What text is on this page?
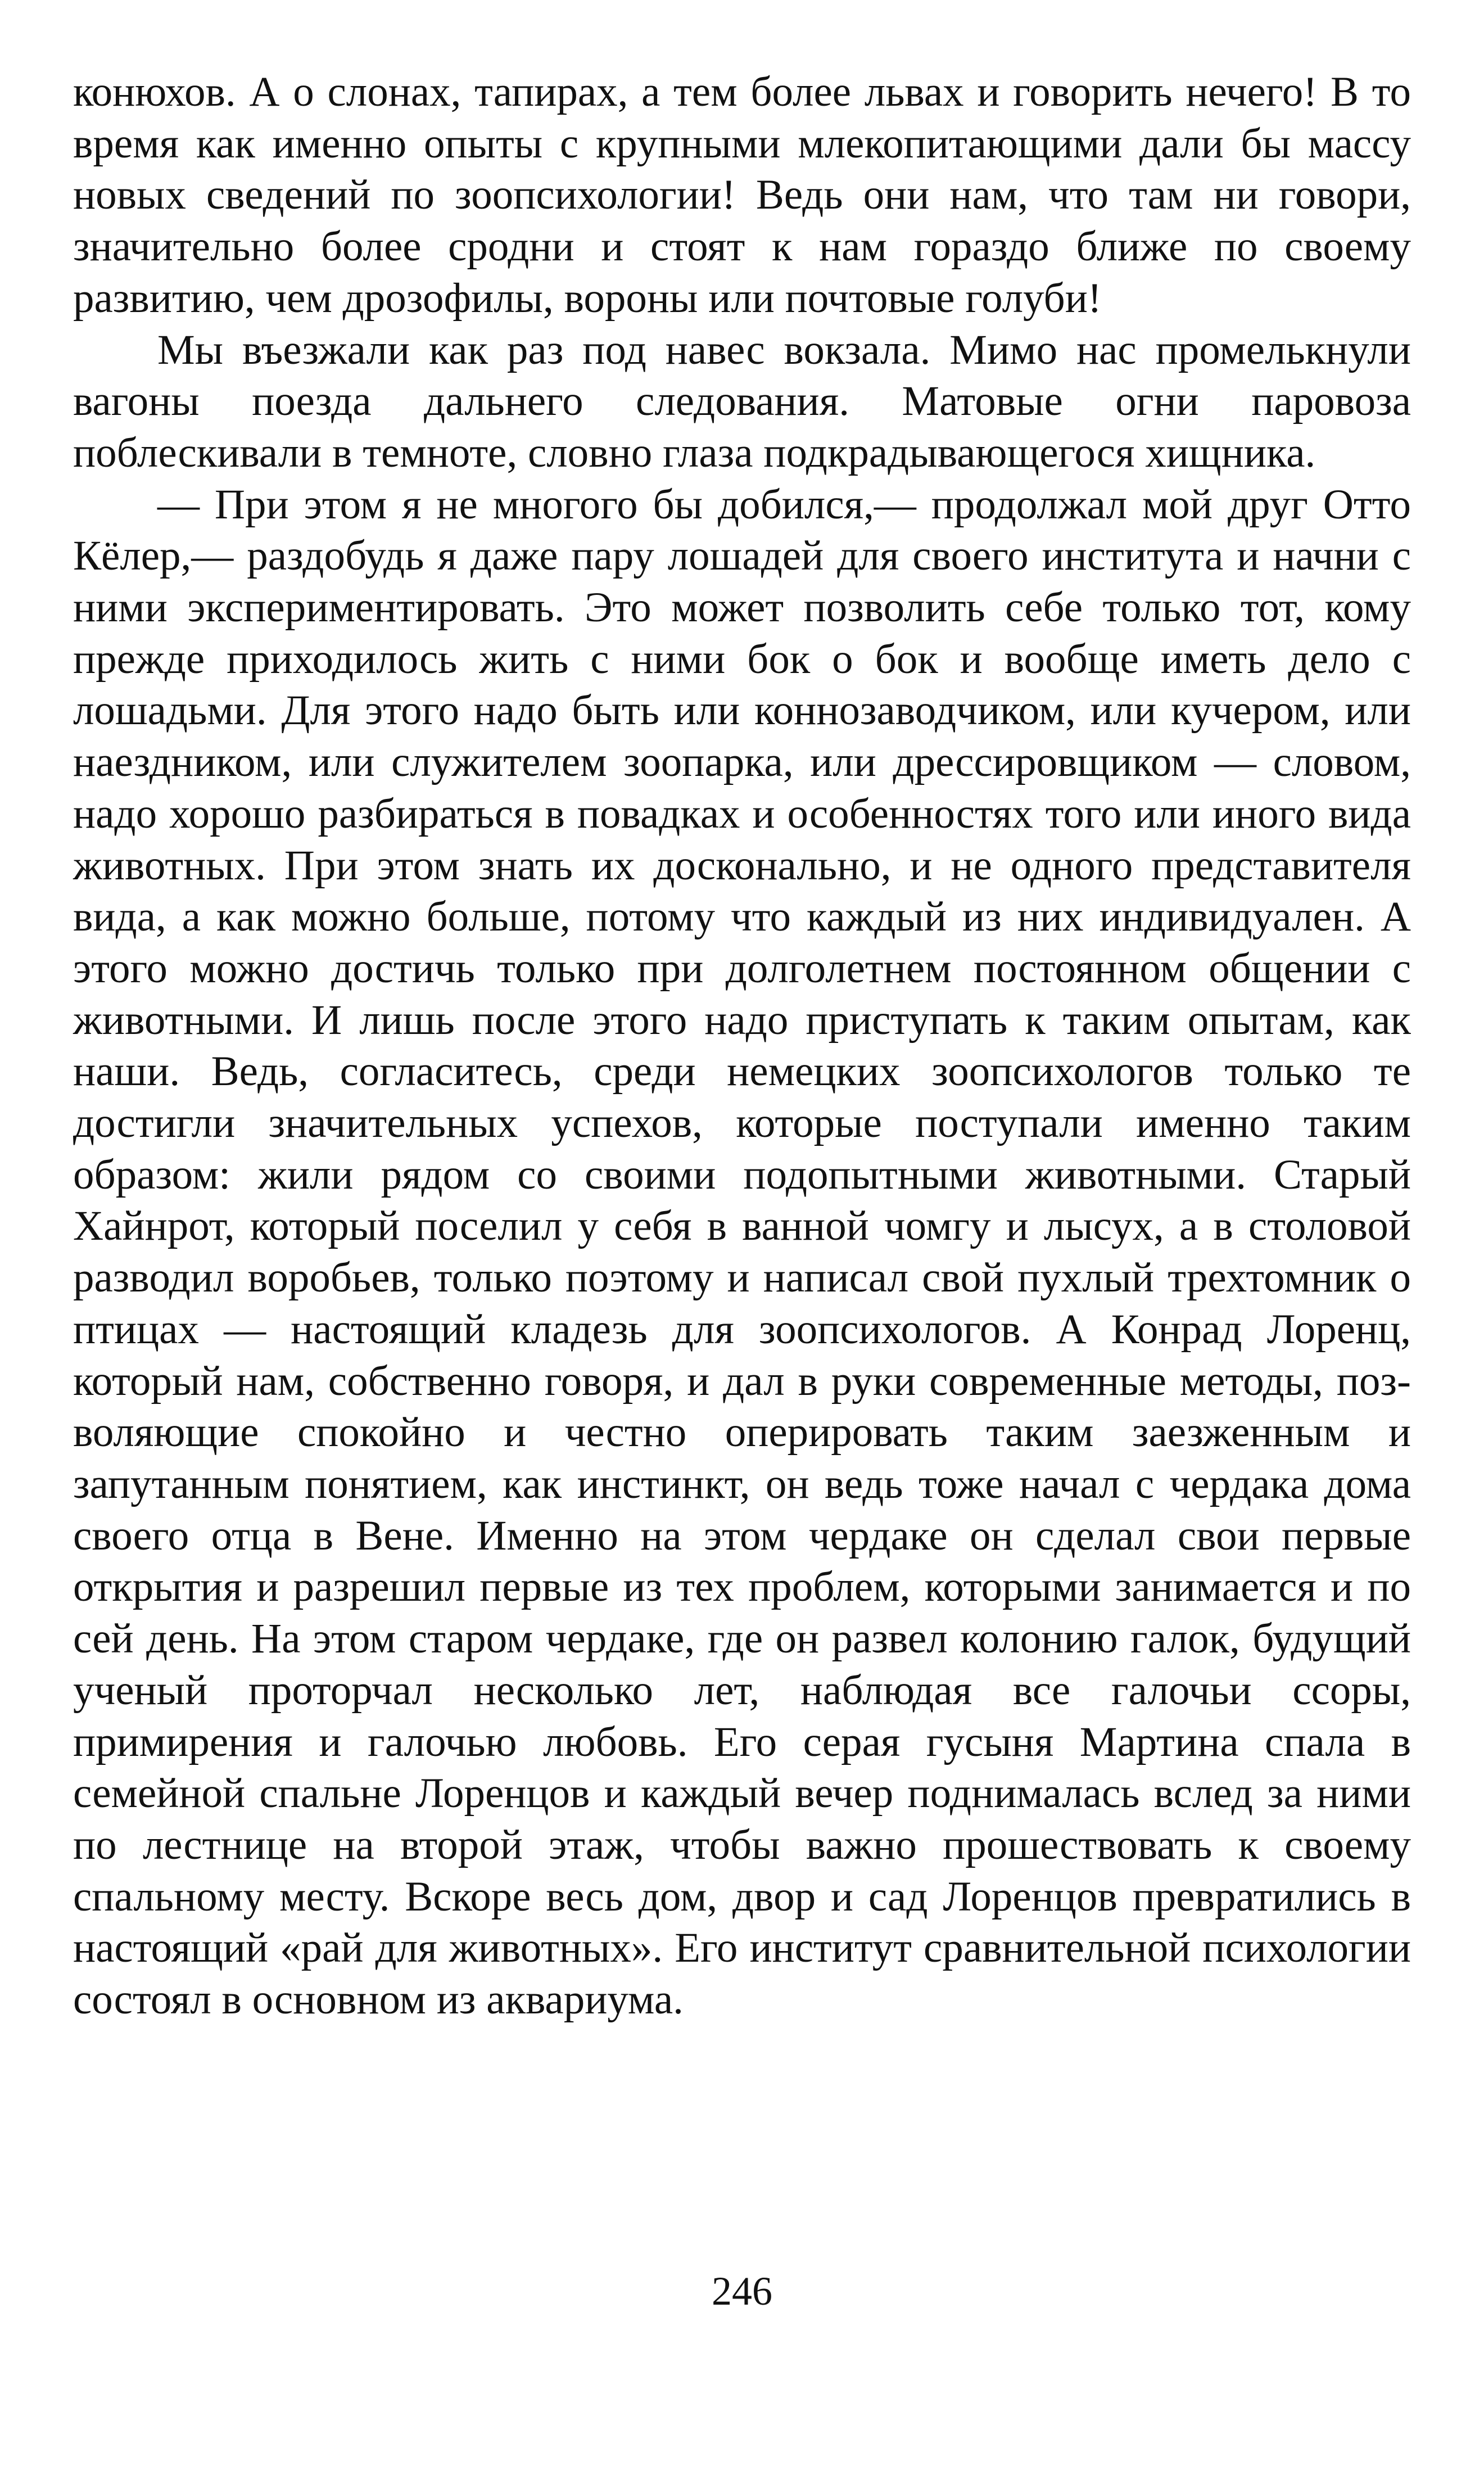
конюхов. А о слонах, тапирах, а тем более львах и говорить нечего! В то время как именно опыты с крупными млекопитающими дали бы массу новых сведений по зоопсихологии! Ведь они нам, что там ни говори, значительно более сродни и стоят к нам гораздо ближе по своему развитию, чем дрозофилы, вороны или почтовые голуби!

Мы въезжали как раз под навес вокзала. Мимо нас промелькнули вагоны поезда дальнего следования. Матовые огни паровоза поблескивали в темноте, словно глаза подкрадывающегося хищника.

— При этом я не многого бы добился,— продолжал мой друг Отто Кёлер,— раздобудь я даже пару лошадей для своего института и начни с ними экспериментировать. Это может позволить себе только тот, кому прежде приходилось жить с ними бок о бок и вообще иметь дело с лошадьми. Для этого надо быть или коннозаводчиком, или кучером, или наездником, или служителем зоопарка, или дрессировщиком — словом, надо хорошо разбираться в повадках и особенностях того или иного вида животных. При этом знать их досконально, и не одного представителя вида, а как можно больше, потому что каждый из них индивидуален. А этого можно достичь только при долголетнем постоянном общении с животными. И лишь после этого надо приступать к таким опытам, как наши. Ведь, согласитесь, среди немецких зоопсихологов только те достигли значительных успехов, которые поступали именно таким образом: жили рядом со своими подопытными животными. Старый Хайнрот, который поселил у себя в ванной чомгу и лысух, а в столовой разводил воробьев, только поэтому и написал свой пухлый трехтомник о птицах — настоящий кладезь для зоопсихологов. А Конрад Лоренц, который нам, собственно говоря, и дал в руки современные методы, позволяющие спокойно и честно оперировать таким заезженным и запутанным понятием, как инстинкт, он ведь тоже начал с чердака дома своего отца в Вене. Именно на этом чердаке он сделал свои первые открытия и разрешил первые из тех проблем, которыми занимается и по сей день. На этом старом чердаке, где он развел колонию галок, будущий ученый проторчал несколько лет, наблюдая все галочьи ссоры, примирения и галочью любовь. Его серая гусыня Мартина спала в семейной спальне Лоренцов и каждый вечер поднималась вслед за ними по лестнице на второй этаж, чтобы важно прошествовать к своему спальному месту. Вскоре весь дом, двор и сад Лоренцов превратились в настоящий «рай для животных». Его институт сравнительной психологии состоял в основном из аквариума.

246
